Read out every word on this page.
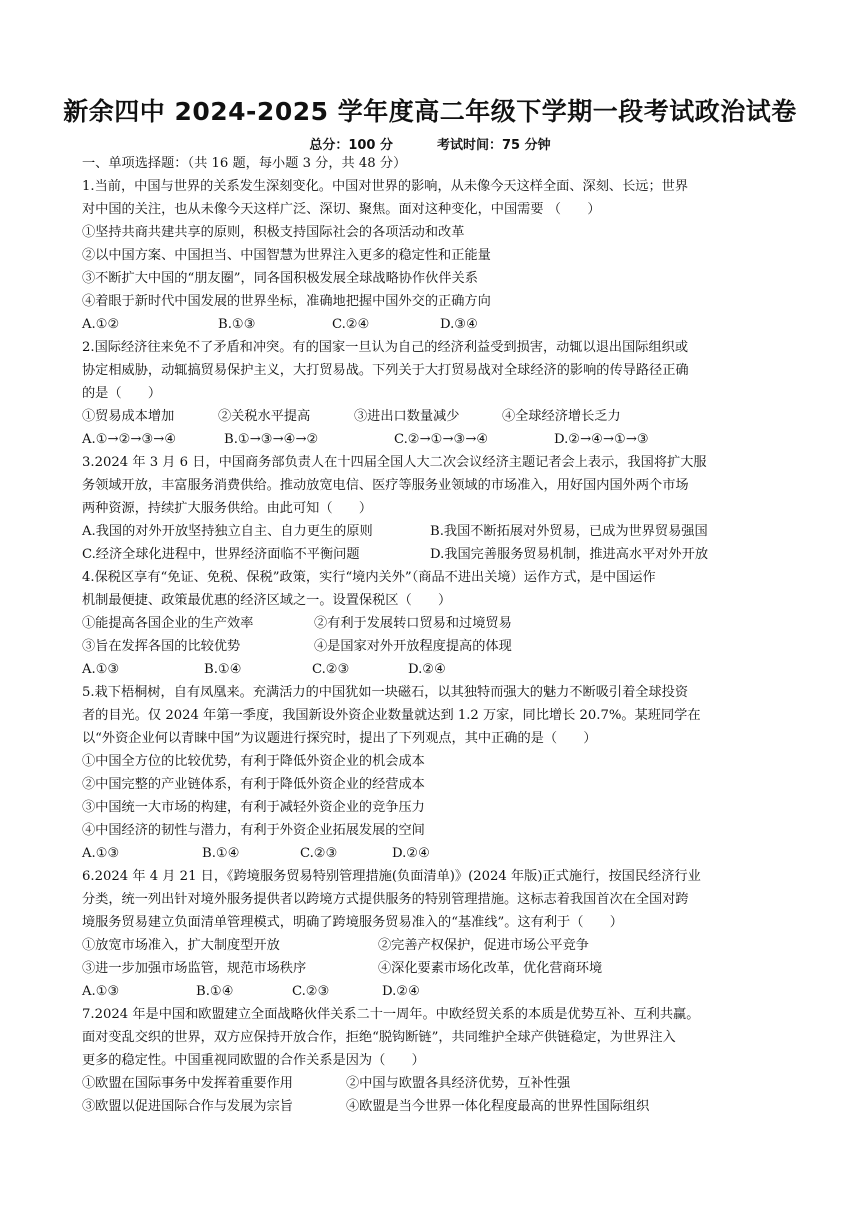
新余四中 2024-2025 学年度高二年级下学期一段考试政治试卷
总分：100 分	考试时间：75 分钟
一、单项选择题：（共 16 题，每小题 3 分，共 48 分）
1.当前，中国与世界的关系发生深刻变化。中国对世界的影响，从未像今天这样全面、深刻、长远；世界
对中国的关注，也从未像今天这样广泛、深切、聚焦。面对这种变化，中国需要 （　　）
①坚持共商共建共享的原则，积极支持国际社会的各项活动和改革
②以中国方案、中国担当、中国智慧为世界注入更多的稳定性和正能量
③不断扩大中国的“朋友圈”，同各国积极发展全球战略协作伙伴关系
④着眼于新时代中国发展的世界坐标，准确地把握中国外交的正确方向
A.①②	B.①③	C.②④	D.③④
2.国际经济往来免不了矛盾和冲突。有的国家一旦认为自己的经济利益受到损害，动辄以退出国际组织或
协定相威胁，动辄搞贸易保护主义，大打贸易战。下列关于大打贸易战对全球经济的影响的传导路径正确
的是（　　）
①贸易成本增加	②关税水平提高	③进出口数量减少	④全球经济增长乏力
A.①→②→③→④	B.①→③→④→②	C.②→①→③→④	D.②→④→①→③
3.2024 年 3 月 6 日，中国商务部负责人在十四届全国人大二次会议经济主题记者会上表示，我国将扩大服
务领域开放，丰富服务消费供给。推动放宽电信、医疗等服务业领域的市场准入，用好国内国外两个市场
两种资源，持续扩大服务供给。由此可知（　　）
A.我国的对外开放坚持独立自主、自力更生的原则	B.我国不断拓展对外贸易，已成为世界贸易强国
C.经济全球化进程中，世界经济面临不平衡问题	D.我国完善服务贸易机制，推进高水平对外开放
4.保税区享有“免证、免税、保税”政策，实行“境内关外”（商品不进出关境）运作方式，是中国运作
机制最便捷、政策最优惠的经济区域之一。设置保税区（　　）
①能提高各国企业的生产效率	②有利于发展转口贸易和过境贸易
③旨在发挥各国的比较优势	④是国家对外开放程度提高的体现
A.①③	B.①④	C.②③	D.②④
5.栽下梧桐树，自有凤凰来。充满活力的中国犹如一块磁石，以其独特而强大的魅力不断吸引着全球投资
者的目光。仅 2024 年第一季度，我国新设外资企业数量就达到 1.2 万家，同比增长 20.7%。某班同学在
以“外资企业何以青睐中国”为议题进行探究时，提出了下列观点，其中正确的是（　　）
①中国全方位的比较优势，有利于降低外资企业的机会成本
②中国完整的产业链体系，有利于降低外资企业的经营成本
③中国统一大市场的构建，有利于减轻外资企业的竞争压力
④中国经济的韧性与潜力，有利于外资企业拓展发展的空间
A.①③	B.①④	C.②③	D.②④
6.2024 年 4 月 21 日，《跨境服务贸易特别管理措施(负面清单)》(2024 年版)正式施行，按国民经济行业
分类，统一列出针对境外服务提供者以跨境方式提供服务的特别管理措施。这标志着我国首次在全国对跨
境服务贸易建立负面清单管理模式，明确了跨境服务贸易准入的“基准线”。这有利于（　　）
①放宽市场准入，扩大制度型开放	②完善产权保护，促进市场公平竞争
③进一步加强市场监管，规范市场秩序	④深化要素市场化改革，优化营商环境
A.①③	B.①④	C.②③	D.②④
7.2024 年是中国和欧盟建立全面战略伙伴关系二十一周年。中欧经贸关系的本质是优势互补、互利共赢。
面对变乱交织的世界，双方应保持开放合作，拒绝“脱钩断链”，共同维护全球产供链稳定，为世界注入
更多的稳定性。中国重视同欧盟的合作关系是因为（　　）
①欧盟在国际事务中发挥着重要作用	②中国与欧盟各具经济优势，互补性强
③欧盟以促进国际合作与发展为宗旨	④欧盟是当今世界一体化程度最高的世界性国际组织
